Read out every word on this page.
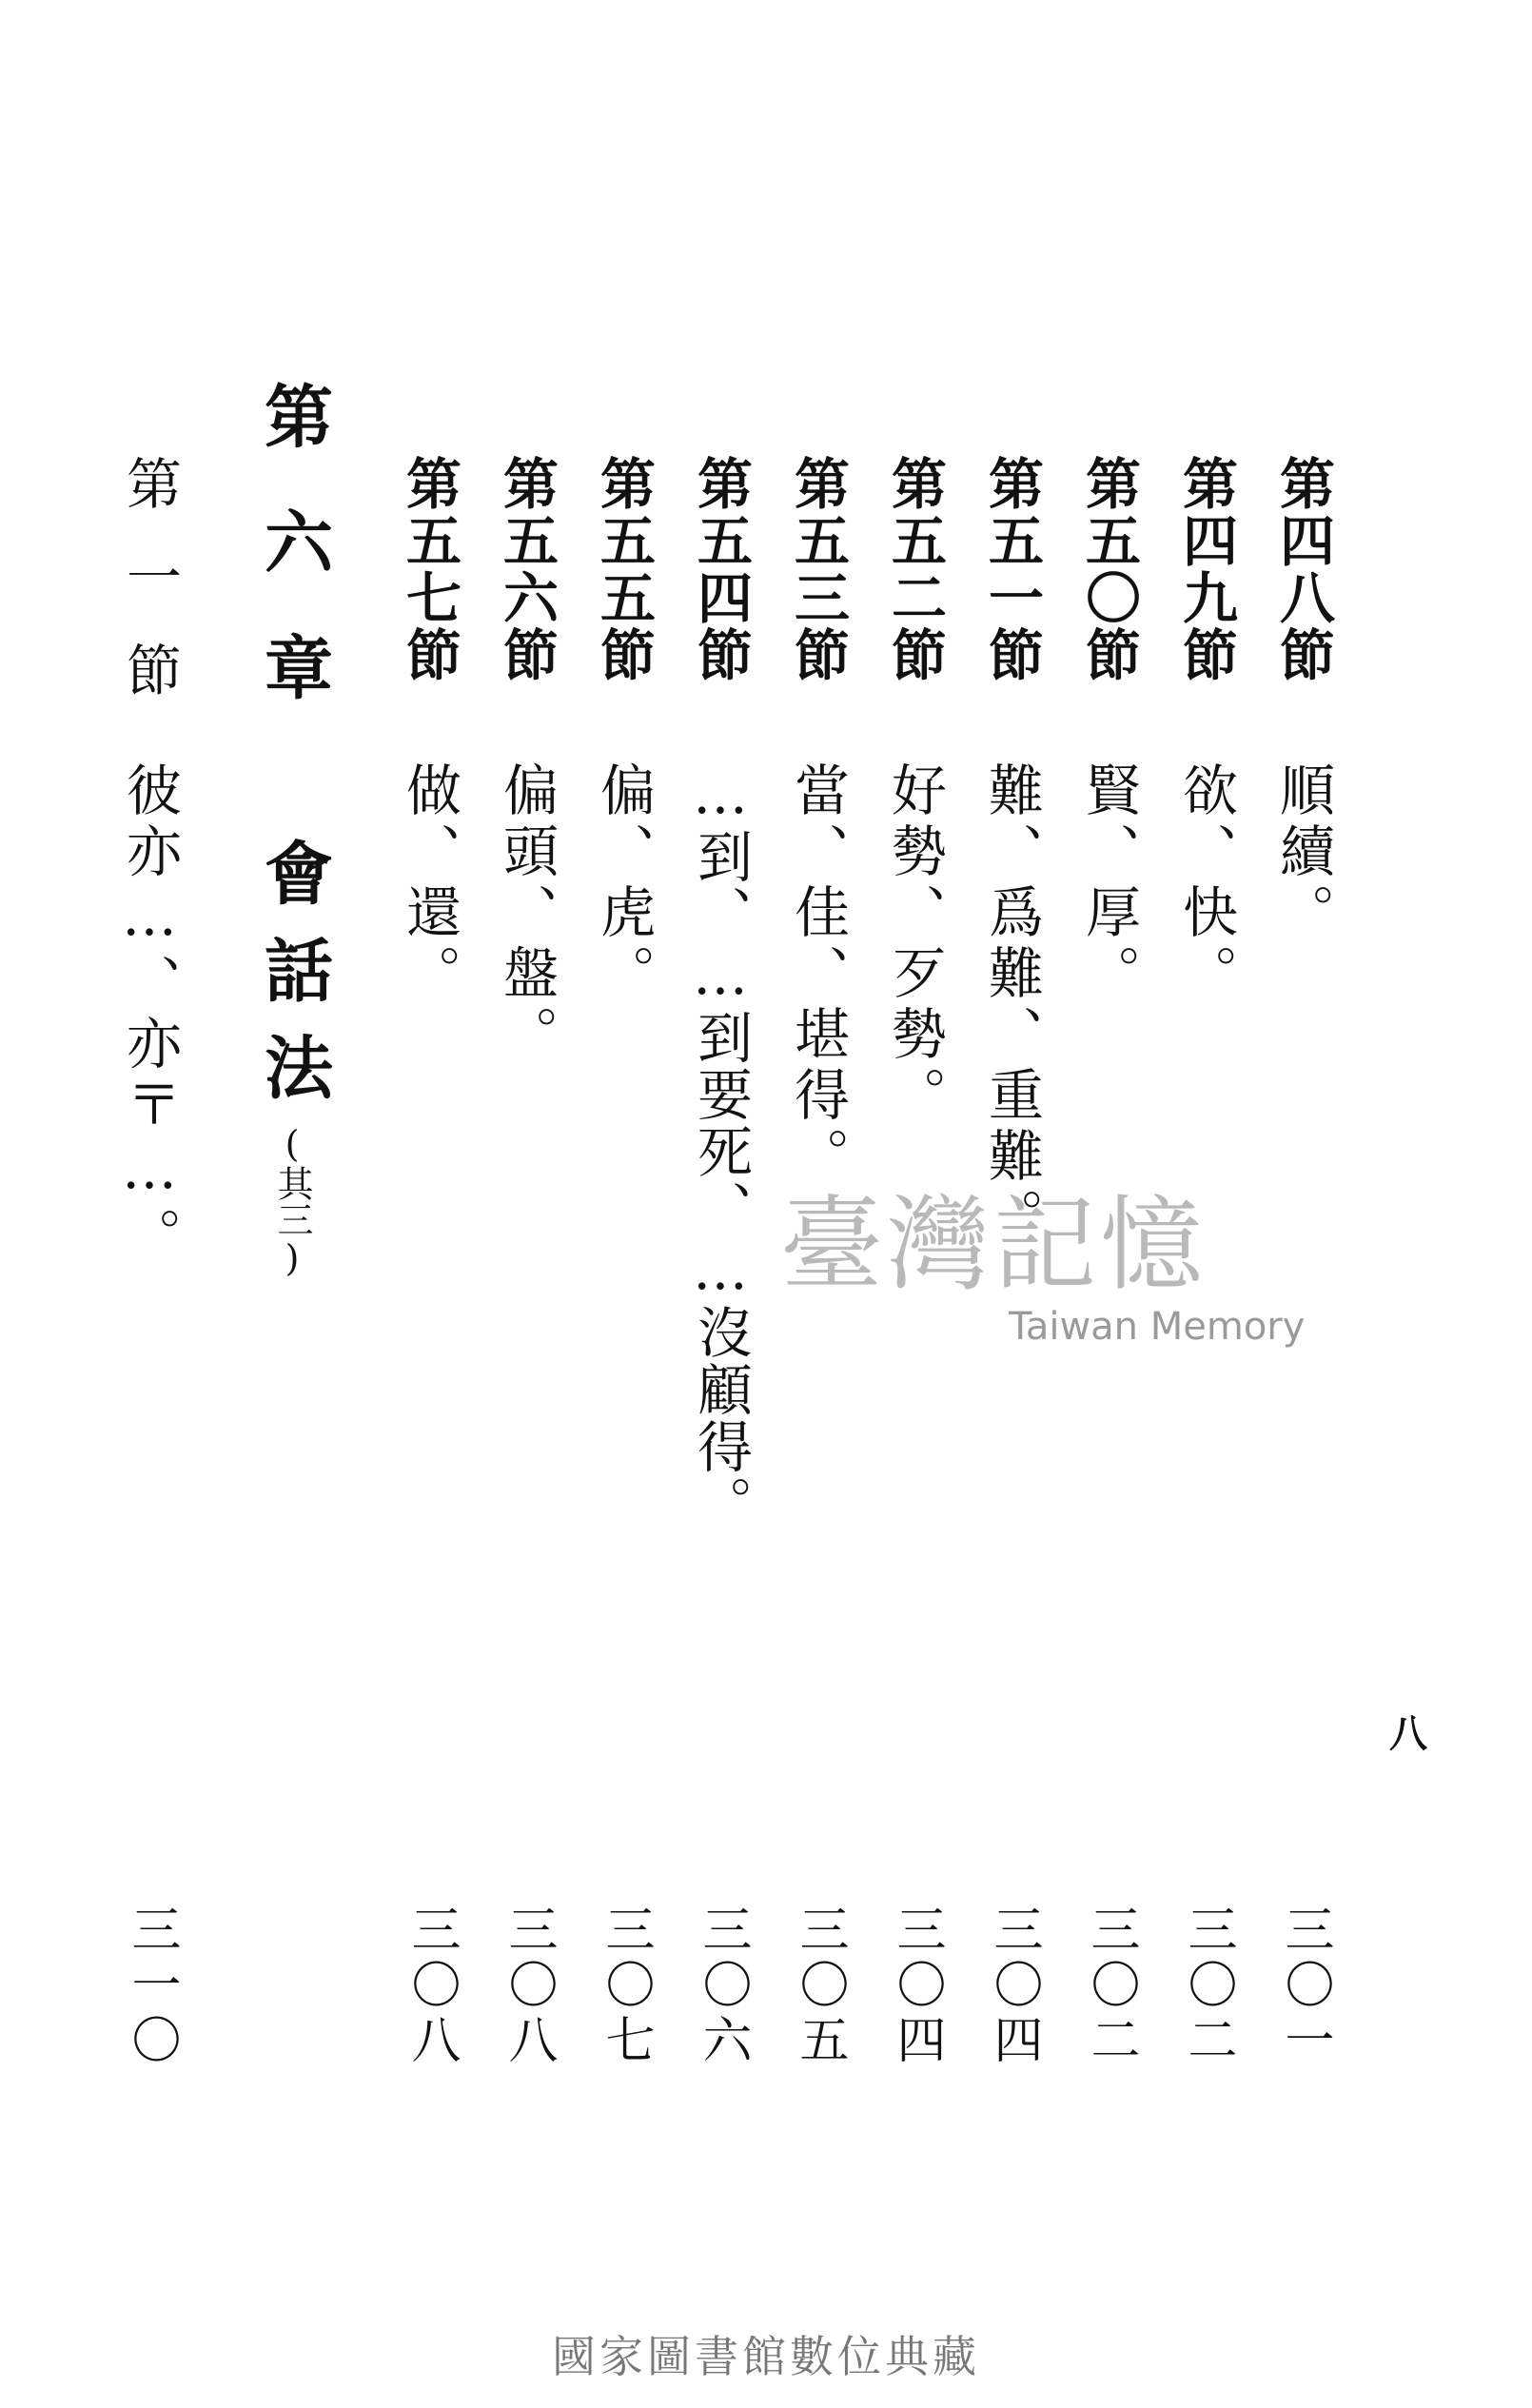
第四八節
順續。
三〇一
第四九節
欲、快。
三〇二
第五〇節
賢、厚。
三〇二
第五一節
難、爲難、重難。
三〇四
第五二節
好勢、歹勢。
三〇四
第五三節
當、佳、堪得。
三〇五
第五四節
…到、…到要死、…沒顧得。
三〇六
第五五節
偏、虎。
三〇七
第五六節
偏頭、盤。
三〇八
第五七節
做、還。
三〇八
第六章
會話法
(其三)
第一節
彼亦…、亦〒…。
三一〇
八
臺灣記憶
Taiwan Memory
國家圖書館數位典藏
